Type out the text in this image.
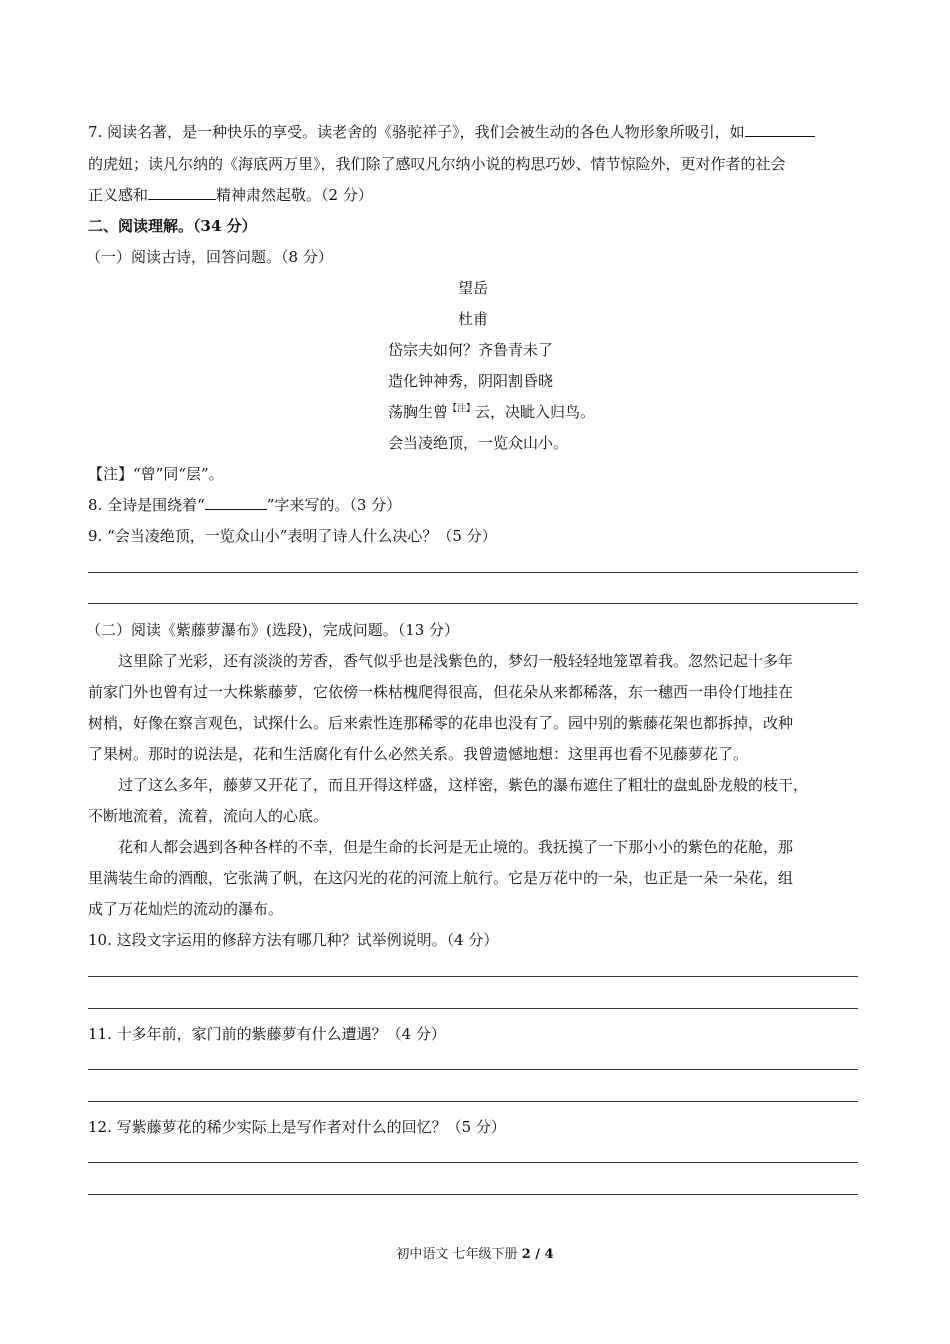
7. 阅读名著，是一种快乐的享受。读老舍的《骆驼祥子》，我们会被生动的各色人物形象所吸引，如
的虎妞；读凡尔纳的《海底两万里》，我们除了感叹凡尔纳小说的构思巧妙、情节惊险外，更对作者的社会
正义感和	精神肃然起敬。（2 分）
二、阅读理解。（34 分）
（一）阅读古诗，回答问题。（8 分）
望岳
杜甫
岱宗夫如何？齐鲁青未了
造化钟神秀，阴阳割昏晓
荡胸生曾$^{【注】}$云，决眦入归鸟。
会当凌绝顶，一览众山小。
【注】“曾”同“层”。
8. 全诗是围绕着“	”字来写的。（3 分）
9. “会当凌绝顶，一览众山小”表明了诗人什么决心？（5 分）
（二）阅读《紫藤萝瀑布》(选段)，完成问题。（13 分）
这里除了光彩，还有淡淡的芳香，香气似乎也是浅紫色的，梦幻一般轻轻地笼罩着我。忽然记起十多年
前家门外也曾有过一大株紫藤萝，它依傍一株枯槐爬得很高，但花朵从来都稀落，东一穗西一串伶仃地挂在
树梢，好像在察言观色，试探什么。后来索性连那稀零的花串也没有了。园中别的紫藤花架也都拆掉，改种
了果树。那时的说法是，花和生活腐化有什么必然关系。我曾遗憾地想：这里再也看不见藤萝花了。
过了这么多年，藤萝又开花了，而且开得这样盛，这样密，紫色的瀑布遮住了粗壮的盘虬卧龙般的枝干，
不断地流着，流着，流向人的心底。
花和人都会遇到各种各样的不幸，但是生命的长河是无止境的。我抚摸了一下那小小的紫色的花舱，那
里满装生命的酒酿，它张满了帆，在这闪光的花的河流上航行。它是万花中的一朵，也正是一朵一朵花，组
成了万花灿烂的流动的瀑布。
10. 这段文字运用的修辞方法有哪几种？试举例说明。（4 分）
11. 十多年前，家门前的紫藤萝有什么遭遇？（4 分）
12. 写紫藤萝花的稀少实际上是写作者对什么的回忆？（5 分）
初中语文 七年级下册 2 / 4
